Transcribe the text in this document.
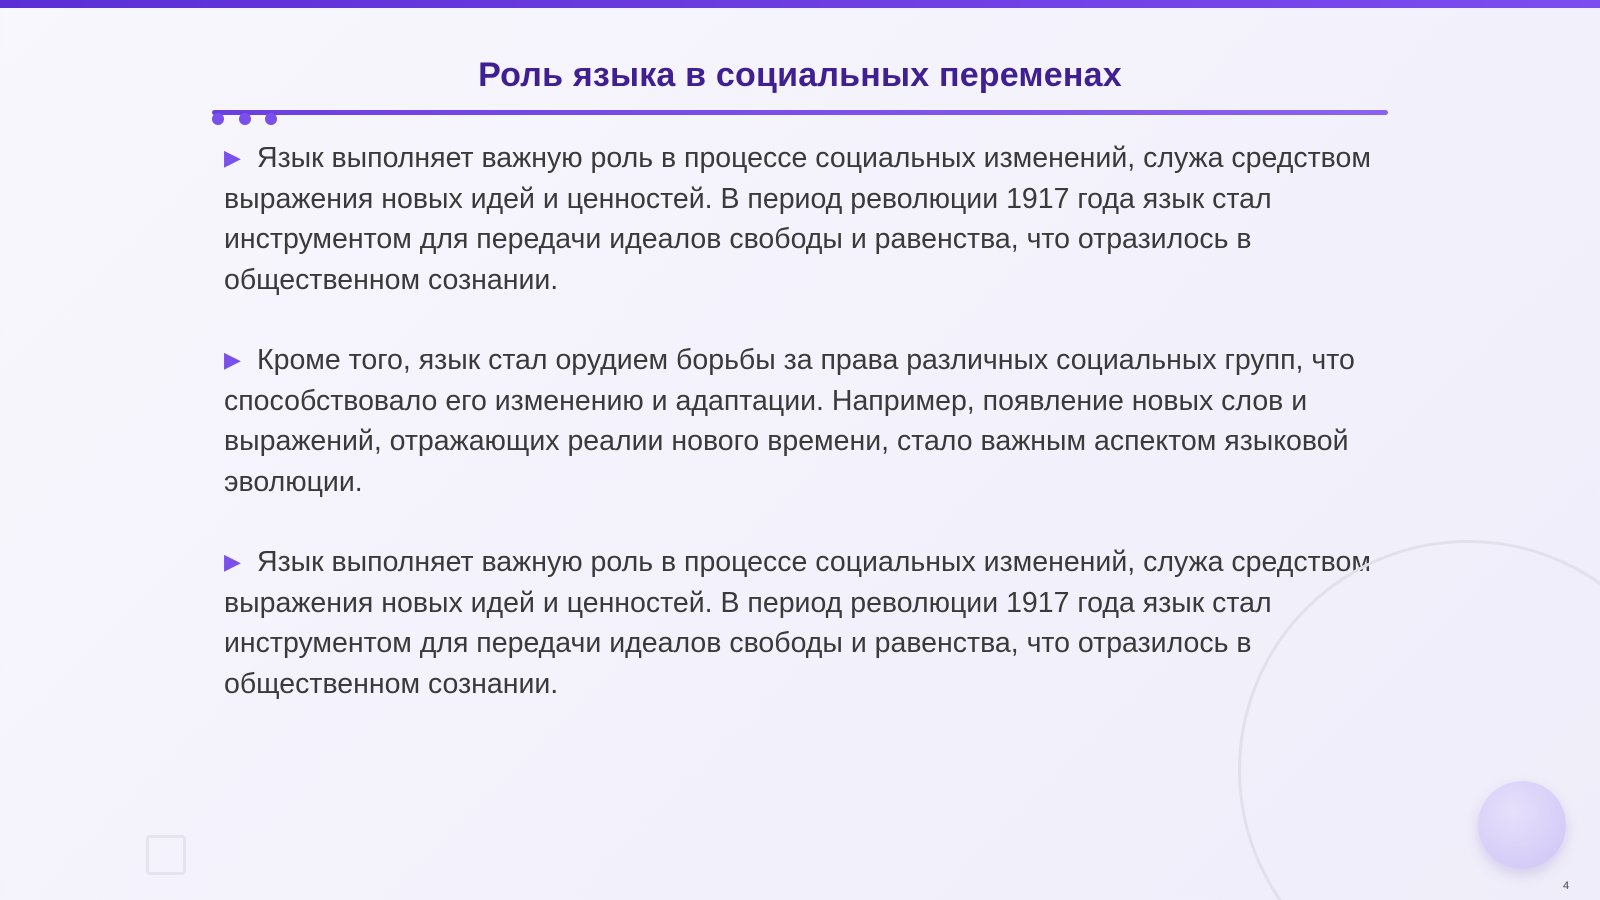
Роль языка в социальных переменах

▶ Язык выполняет важную роль в процессе социальных изменений, служа средством выражения новых идей и ценностей. В период революции 1917 года язык стал инструментом для передачи идеалов свободы и равенства, что отразилось в общественном сознании.

▶ Кроме того, язык стал орудием борьбы за права различных социальных групп, что способствовало его изменению и адаптации. Например, появление новых слов и выражений, отражающих реалии нового времени, стало важным аспектом языковой эволюции.

▶ Язык выполняет важную роль в процессе социальных изменений, служа средством выражения новых идей и ценностей. В период революции 1917 года язык стал инструментом для передачи идеалов свободы и равенства, что отразилось в общественном сознании.

4
